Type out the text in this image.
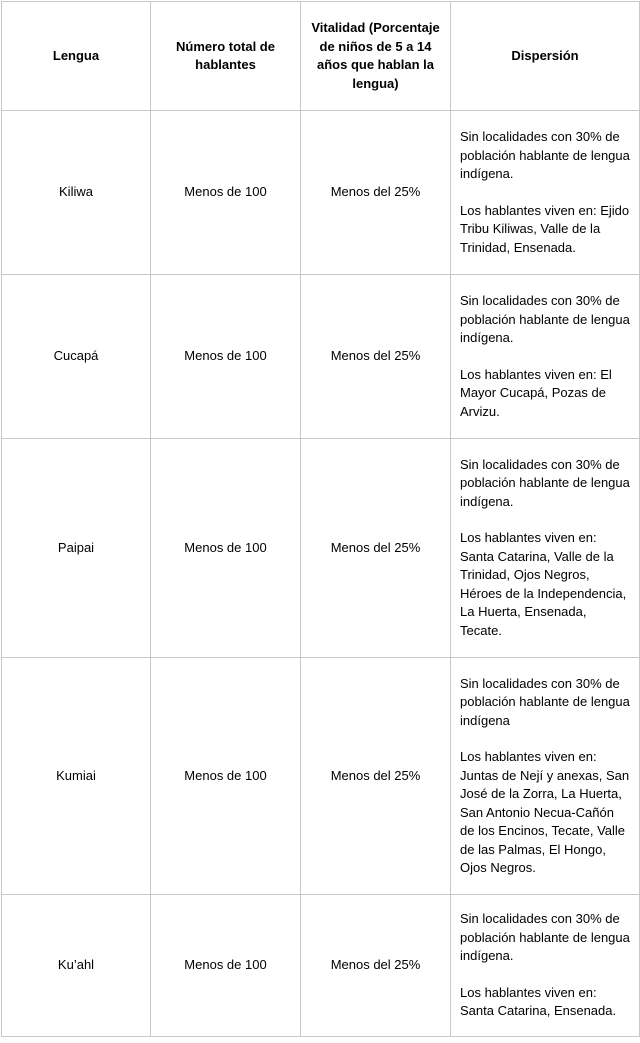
Lengua	Número total de hablantes	Vitalidad (Porcentaje de niños de 5 a 14 años que hablan la lengua)	Dispersión
Kiliwa	Menos de 100	Menos del 25%	Sin localidades con 30% de población hablante de lengua indígena.

Los hablantes viven en: Ejido Tribu Kiliwas, Valle de la Trinidad, Ensenada.

Cucapá	Menos de 100	Menos del 25%	Sin localidades con 30% de población hablante de lengua indígena.

Los hablantes viven en: El Mayor Cucapá, Pozas de Arvizu.

Paipai	Menos de 100	Menos del 25%	Sin localidades con 30% de población hablante de lengua indígena.

Los hablantes viven en: Santa Catarina, Valle de la Trinidad, Ojos Negros, Héroes de la Independencia, La Huerta, Ensenada, Tecate.

Kumiai	Menos de 100	Menos del 25%	Sin localidades con 30% de población hablante de lengua indígena

Los hablantes viven en: Juntas de Nejí y anexas, San José de la Zorra, La Huerta, San Antonio Necua-Cañón de los Encinos, Tecate, Valle de las Palmas, El Hongo, Ojos Negros.

Ku’ahl	Menos de 100	Menos del 25%	Sin localidades con 30% de población hablante de lengua indígena.

Los hablantes viven en: Santa Catarina, Ensenada.
